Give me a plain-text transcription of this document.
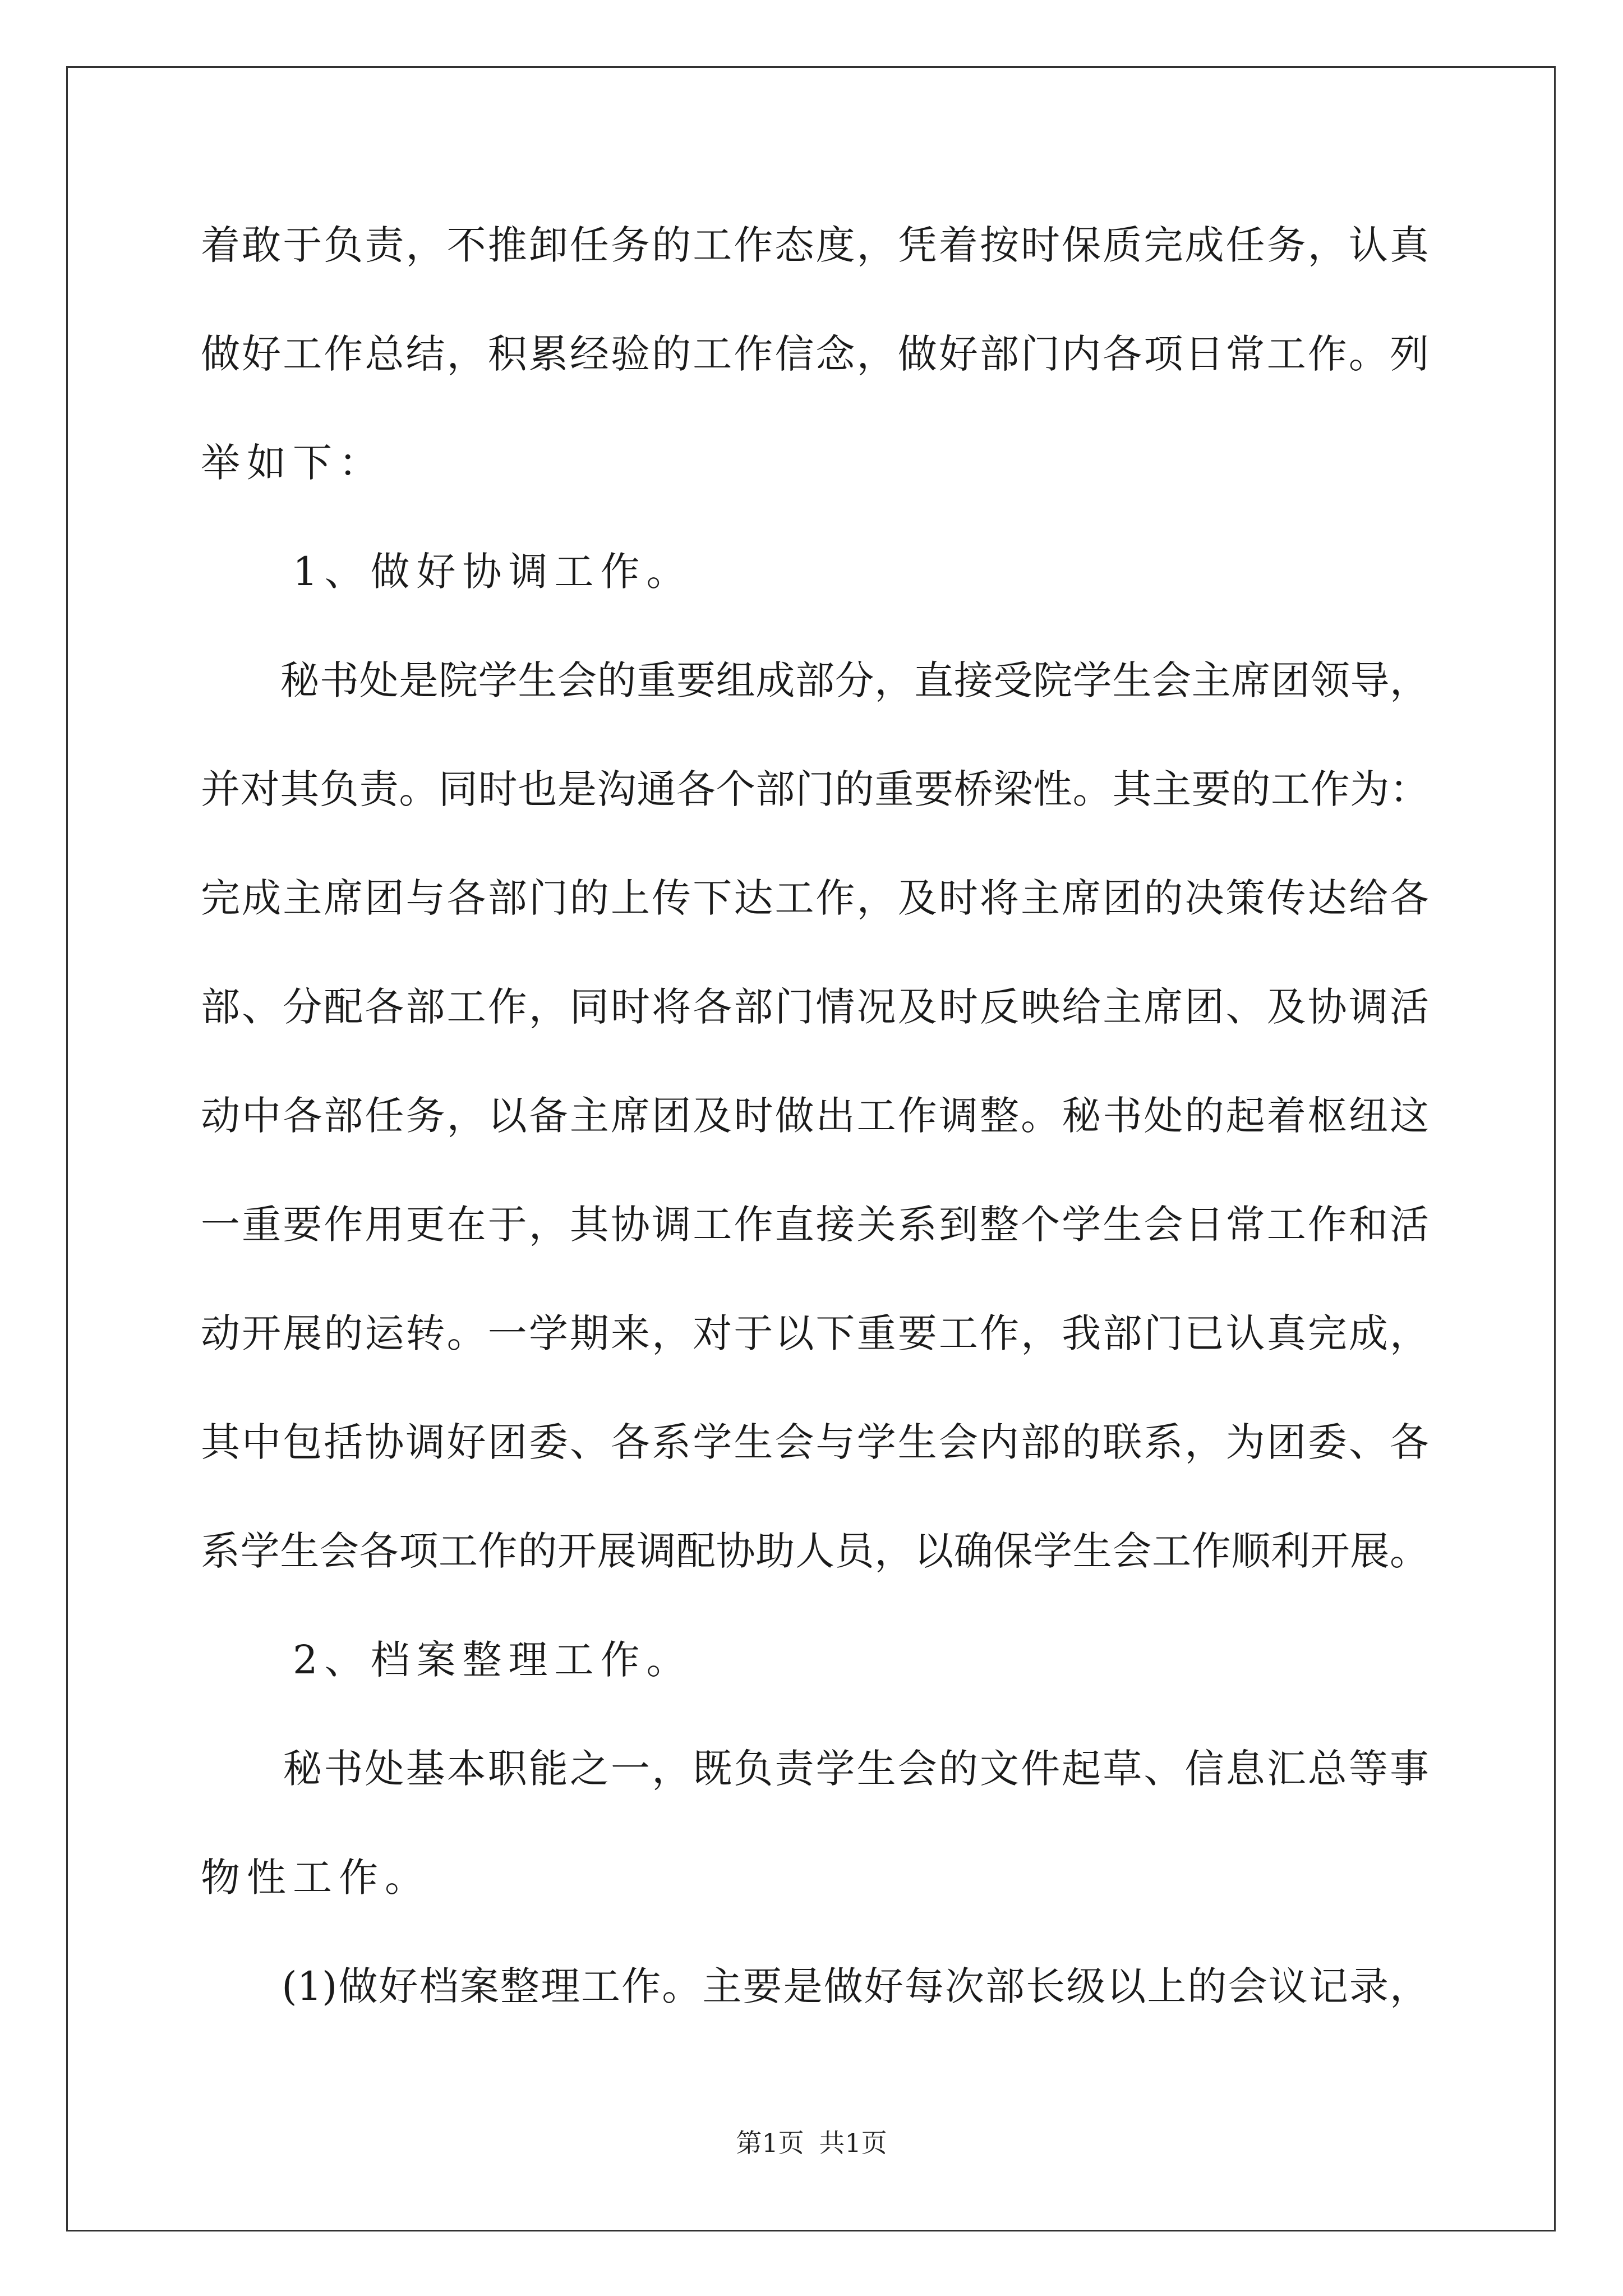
着敢于负责，不推卸任务的工作态度，凭着按时保质完成任务，认真
做好工作总结，积累经验的工作信念，做好部门内各项日常工作。列
举如下：
　　1、做好协调工作。
　　秘书处是院学生会的重要组成部分，直接受院学生会主席团领导，
并对其负责。同时也是沟通各个部门的重要桥梁性。其主要的工作为：
完成主席团与各部门的上传下达工作，及时将主席团的决策传达给各
部、分配各部工作，同时将各部门情况及时反映给主席团、及协调活
动中各部任务，以备主席团及时做出工作调整。秘书处的起着枢纽这
一重要作用更在于，其协调工作直接关系到整个学生会日常工作和活
动开展的运转。一学期来，对于以下重要工作，我部门已认真完成，
其中包括协调好团委、各系学生会与学生会内部的联系，为团委、各
系学生会各项工作的开展调配协助人员，以确保学生会工作顺利开展。
　　2、档案整理工作。
　　秘书处基本职能之一，既负责学生会的文件起草、信息汇总等事
物性工作。
　　(1)做好档案整理工作。主要是做好每次部长级以上的会议记录，
第1页 共1页
